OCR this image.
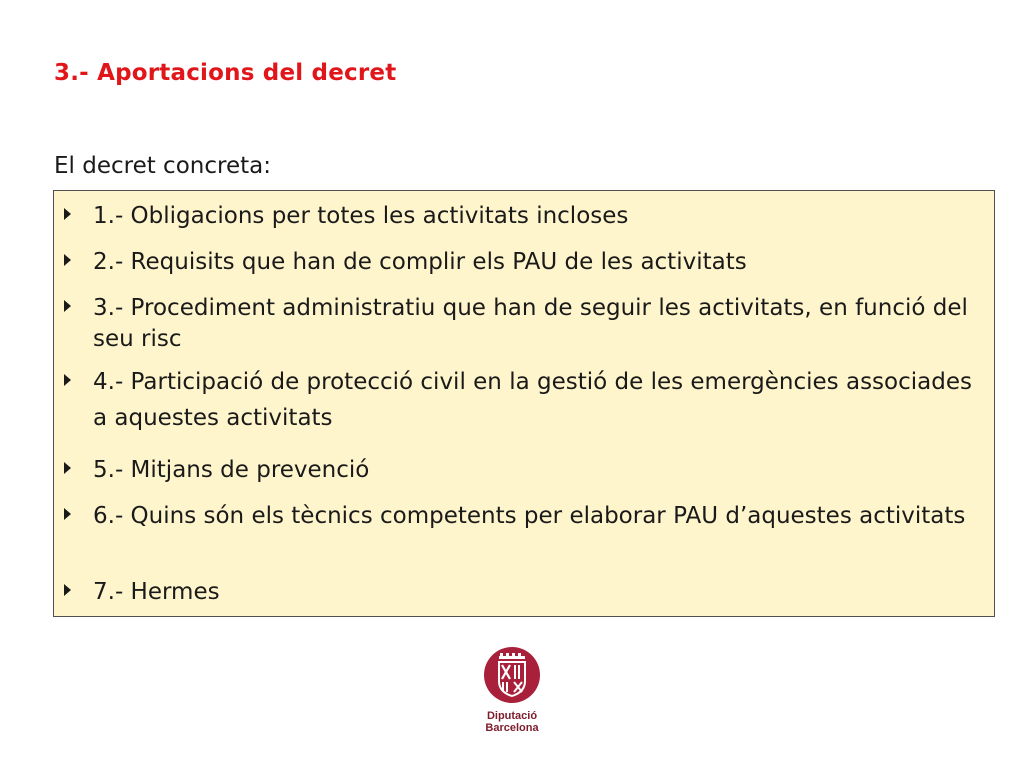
3.- Aportacions del decret
El decret concreta:
1.- Obligacions per totes les activitats incloses
2.- Requisits que han de complir els PAU de les activitats
3.- Procediment administratiu que han de seguir les activitats, en funció del seu risc
4.- Participació de protecció civil en la gestió de les emergències associades a aquestes activitats
5.- Mitjans de prevenció
6.- Quins són els tècnics competents per elaborar PAU d’aquestes activitats
7.- Hermes
Diputació
Barcelona
